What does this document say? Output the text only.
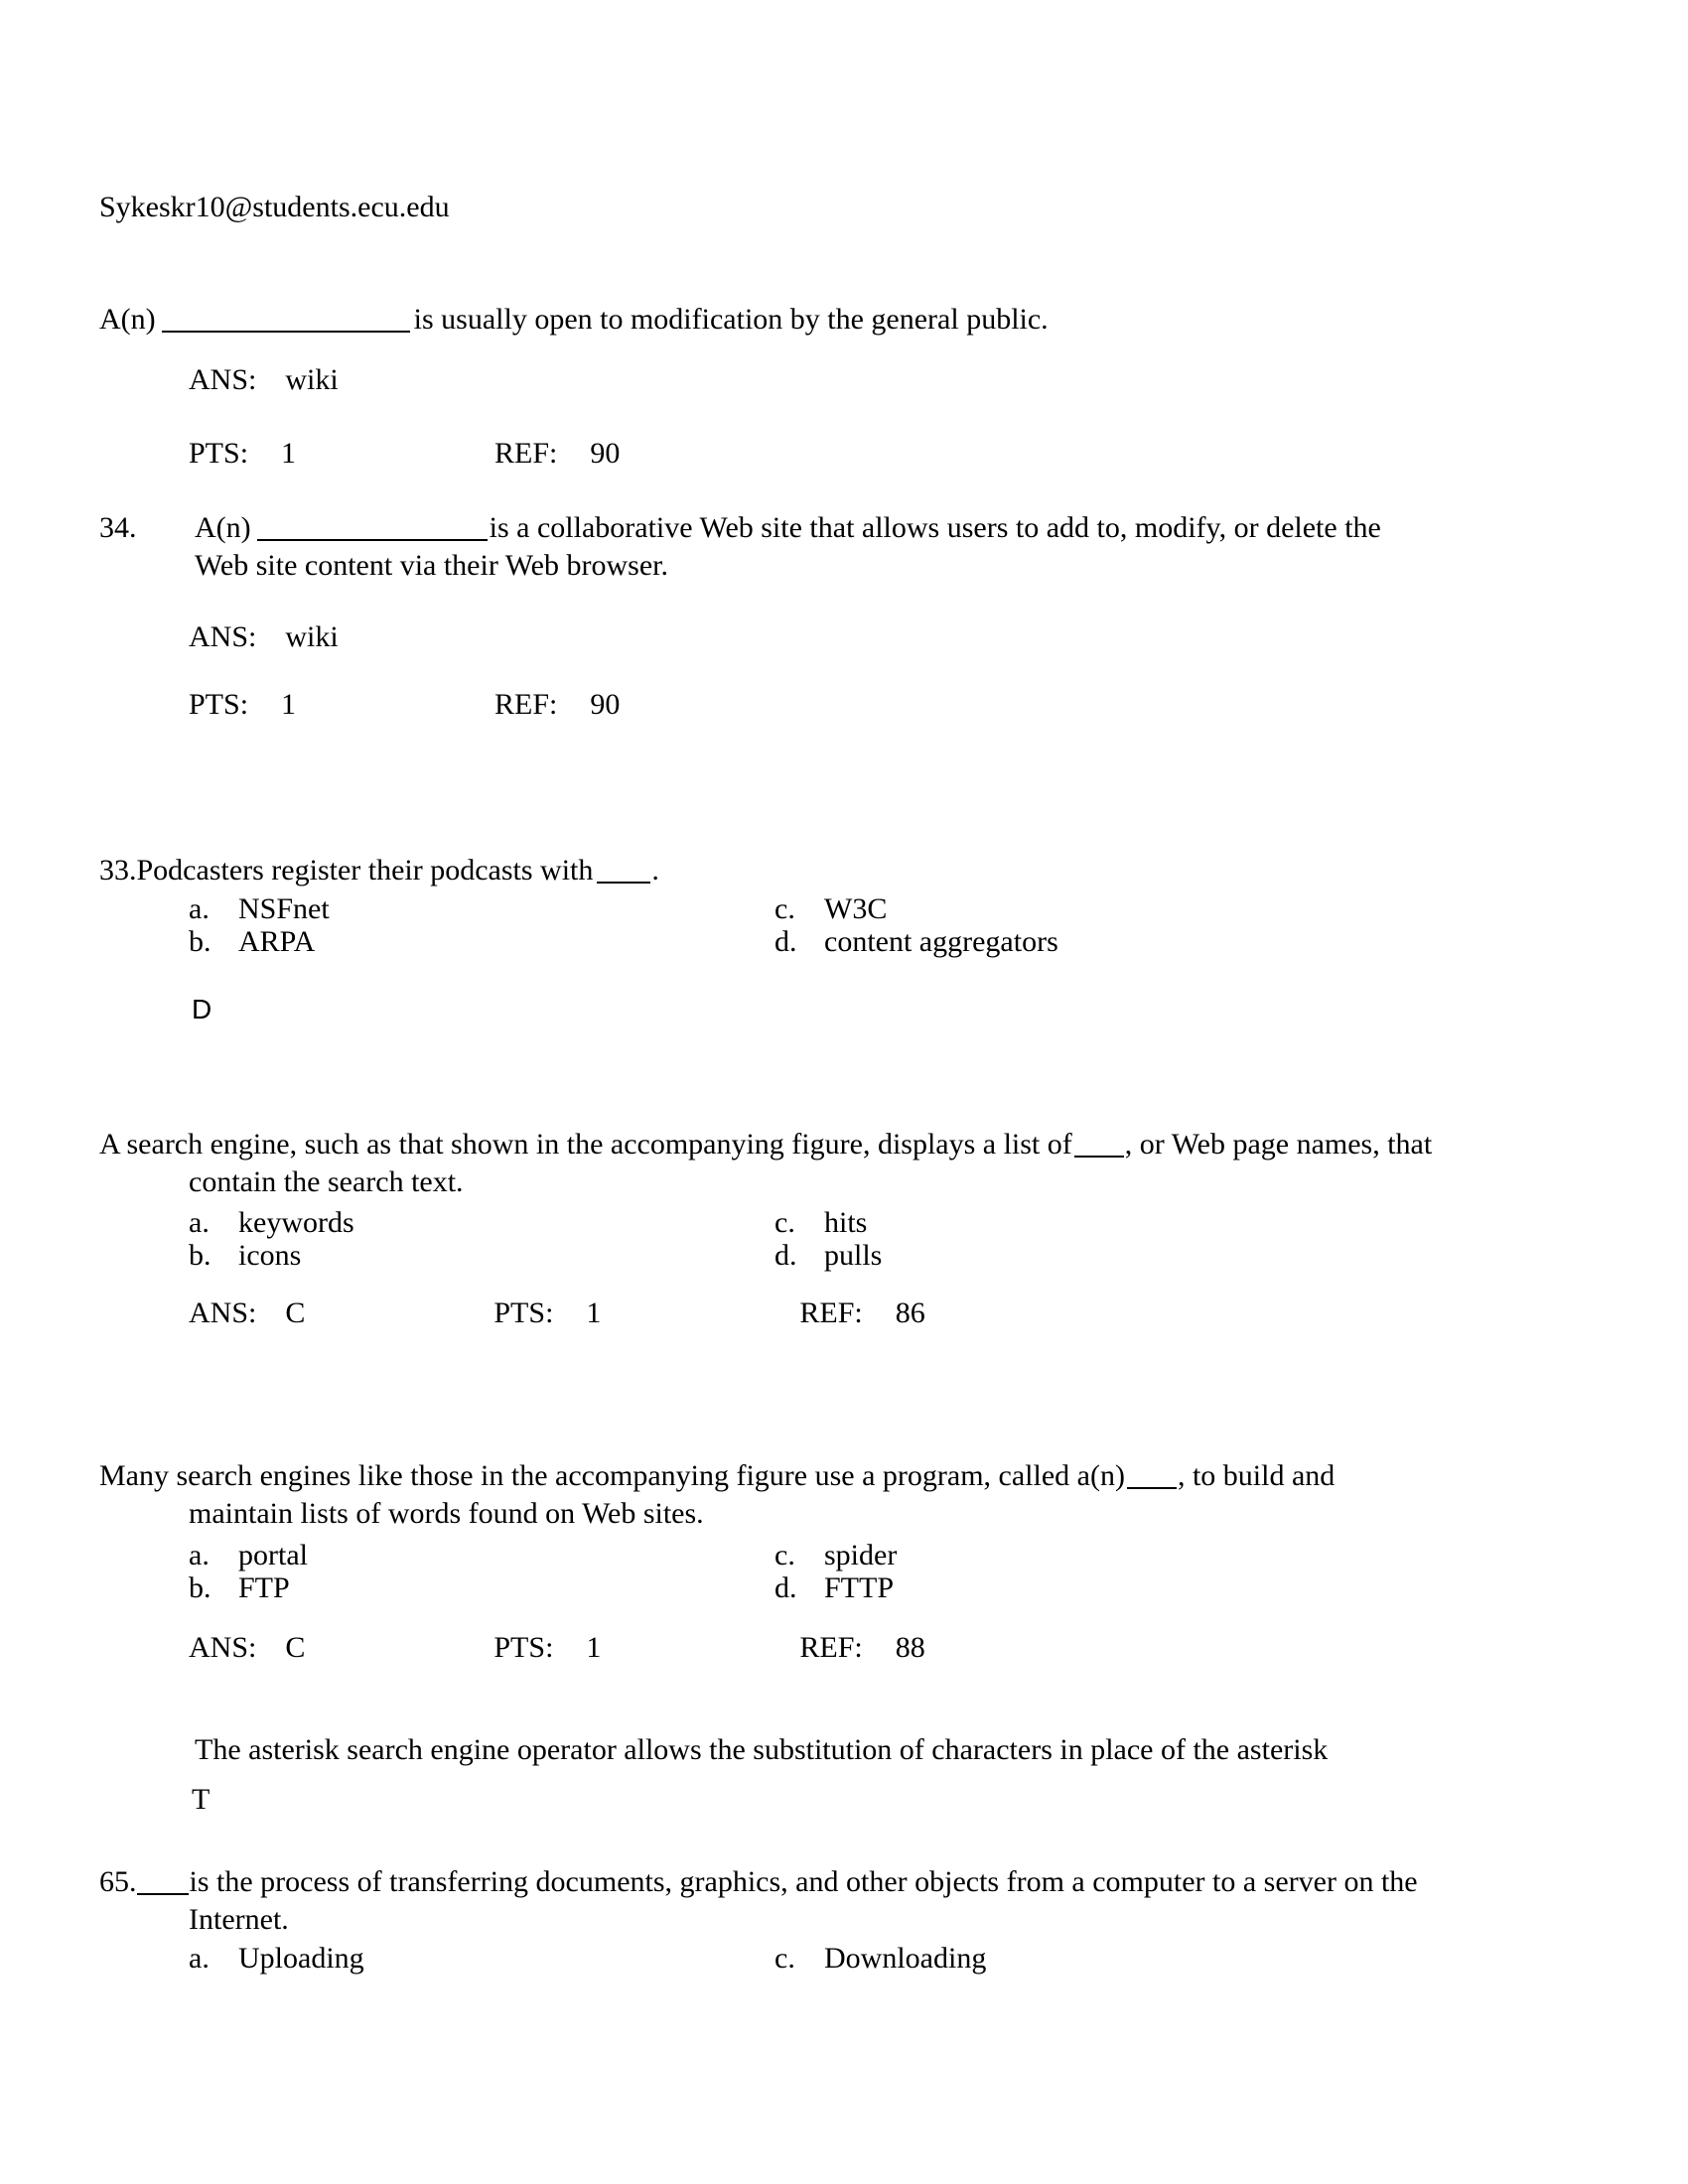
Sykeskr10@students.ecu.edu
A(n)	is usually open to modification by the general public.
ANS: wiki
PTS: 1	REF: 90
34. A(n)	is a collaborative Web site that allows users to add to, modify, or delete the
Web site content via their Web browser.
ANS: wiki
PTS: 1	REF: 90
33.Podcasters register their podcasts with .
a. NSFnet
b. ARPA
c. W3C
d. content aggregators
D
A search engine, such as that shown in the accompanying figure, displays a list of , or Web page names, that
contain the search text.
a. keywords
b. icons
c. hits
d. pulls
ANS: C	PTS: 1	REF: 86
Many search engines like those in the accompanying figure use a program, called a(n) , to build and
maintain lists of words found on Web sites.
a. portal
b. FTP
c. spider
d. FTTP
ANS: C	PTS: 1	REF: 88
The asterisk search engine operator allows the substitution of characters in place of the asterisk
T
65. is the process of transferring documents, graphics, and other objects from a computer to a server on the
Internet.
a. Uploading	c. Downloading
